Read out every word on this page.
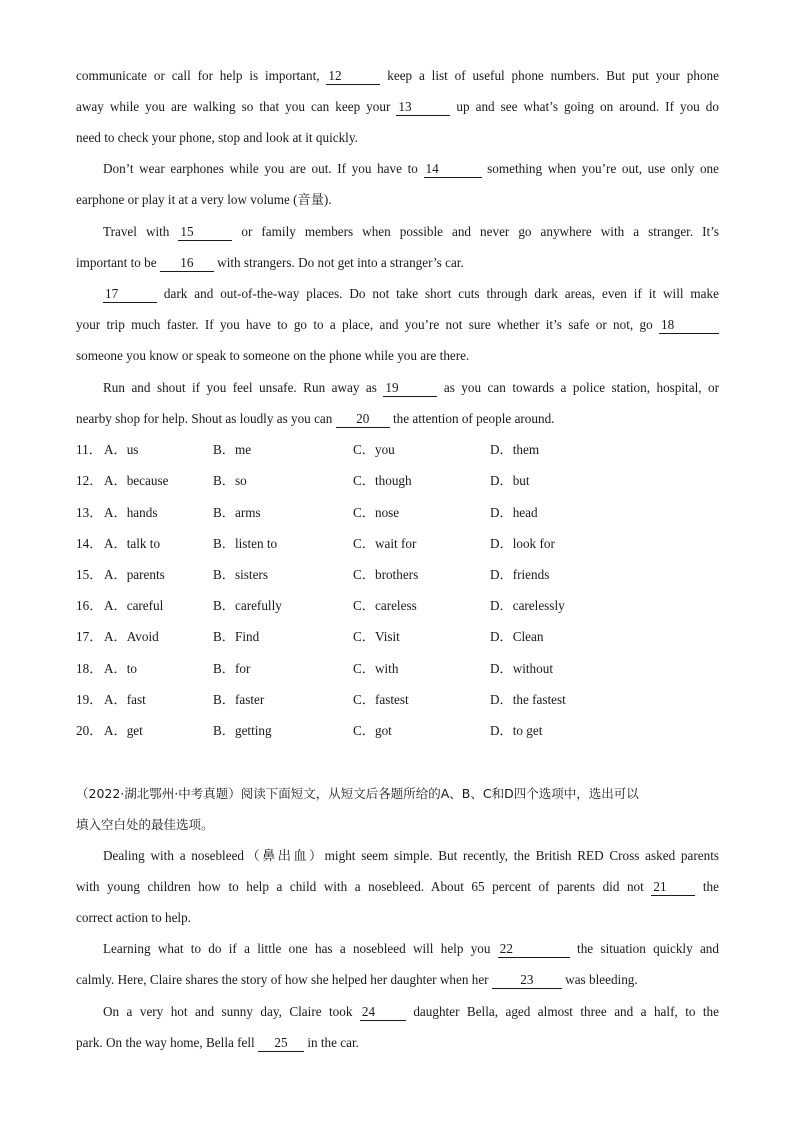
communicate or call for help is important, 12	keep a list of useful phone numbers. But put your phone
away while you are walking so that you can keep your 13	up and see what’s going on around. If you do
need to check your phone, stop and look at it quickly.
Don’t wear earphones while you are out. If you have to 14	something when you’re out, use only one
earphone or play it at a very low volume (音量).
Travel with 15	or family members when possible and never go anywhere with a stranger. It’s
important to be 16 with strangers. Do not get into a stranger’s car.
17	dark and out-of-the-way places. Do not take short cuts through dark areas, even if it will make
your trip much faster. If you have to go to a place, and you’re not sure whether it’s safe or not, go 18
someone you know or speak to someone on the phone while you are there.
Run and shout if you feel unsafe. Run away as 19	as you can towards a police station, hospital, or
nearby shop for help. Shout as loudly as you can 20 the attention of people around.
11． A．us	B．me	C．you	D．them
12． A．because	B．so	C．though	D．but
13． A．hands	B．arms	C．nose	D．head
14． A．talk to	B．listen to	C．wait for	D．look for
15． A．parents	B．sisters	C．brothers	D．friends
16． A．careful	B．carefully	C．careless	D．carelessly
17． A．Avoid	B．Find	C．Visit	D．Clean
18． A．to	B．for	C．with	D．without
19． A．fast	B．faster	C．fastest	D．the fastest
20． A．get	B．getting	C．got	D．to get
（2022·湖北鄂州·中考真题）阅读下面短文，从短文后各题所给的A、B、C和D四个选项中，选出可以
填入空白处的最佳选项。
Dealing with a nosebleed（鼻出血）might seem simple. But recently, the British RED Cross asked parents
with young children how to help a child with a nosebleed. About 65 percent of parents did not 21 the
correct action to help.
Learning what to do if a little one has a nosebleed will help you 22	the situation quickly and
calmly. Here, Claire shares the story of how she helped her daughter when her 23 was bleeding.
On a very hot and sunny day, Claire took 24 daughter Bella, aged almost three and a half, to the
park. On the way home, Bella fell 25 in the car.
